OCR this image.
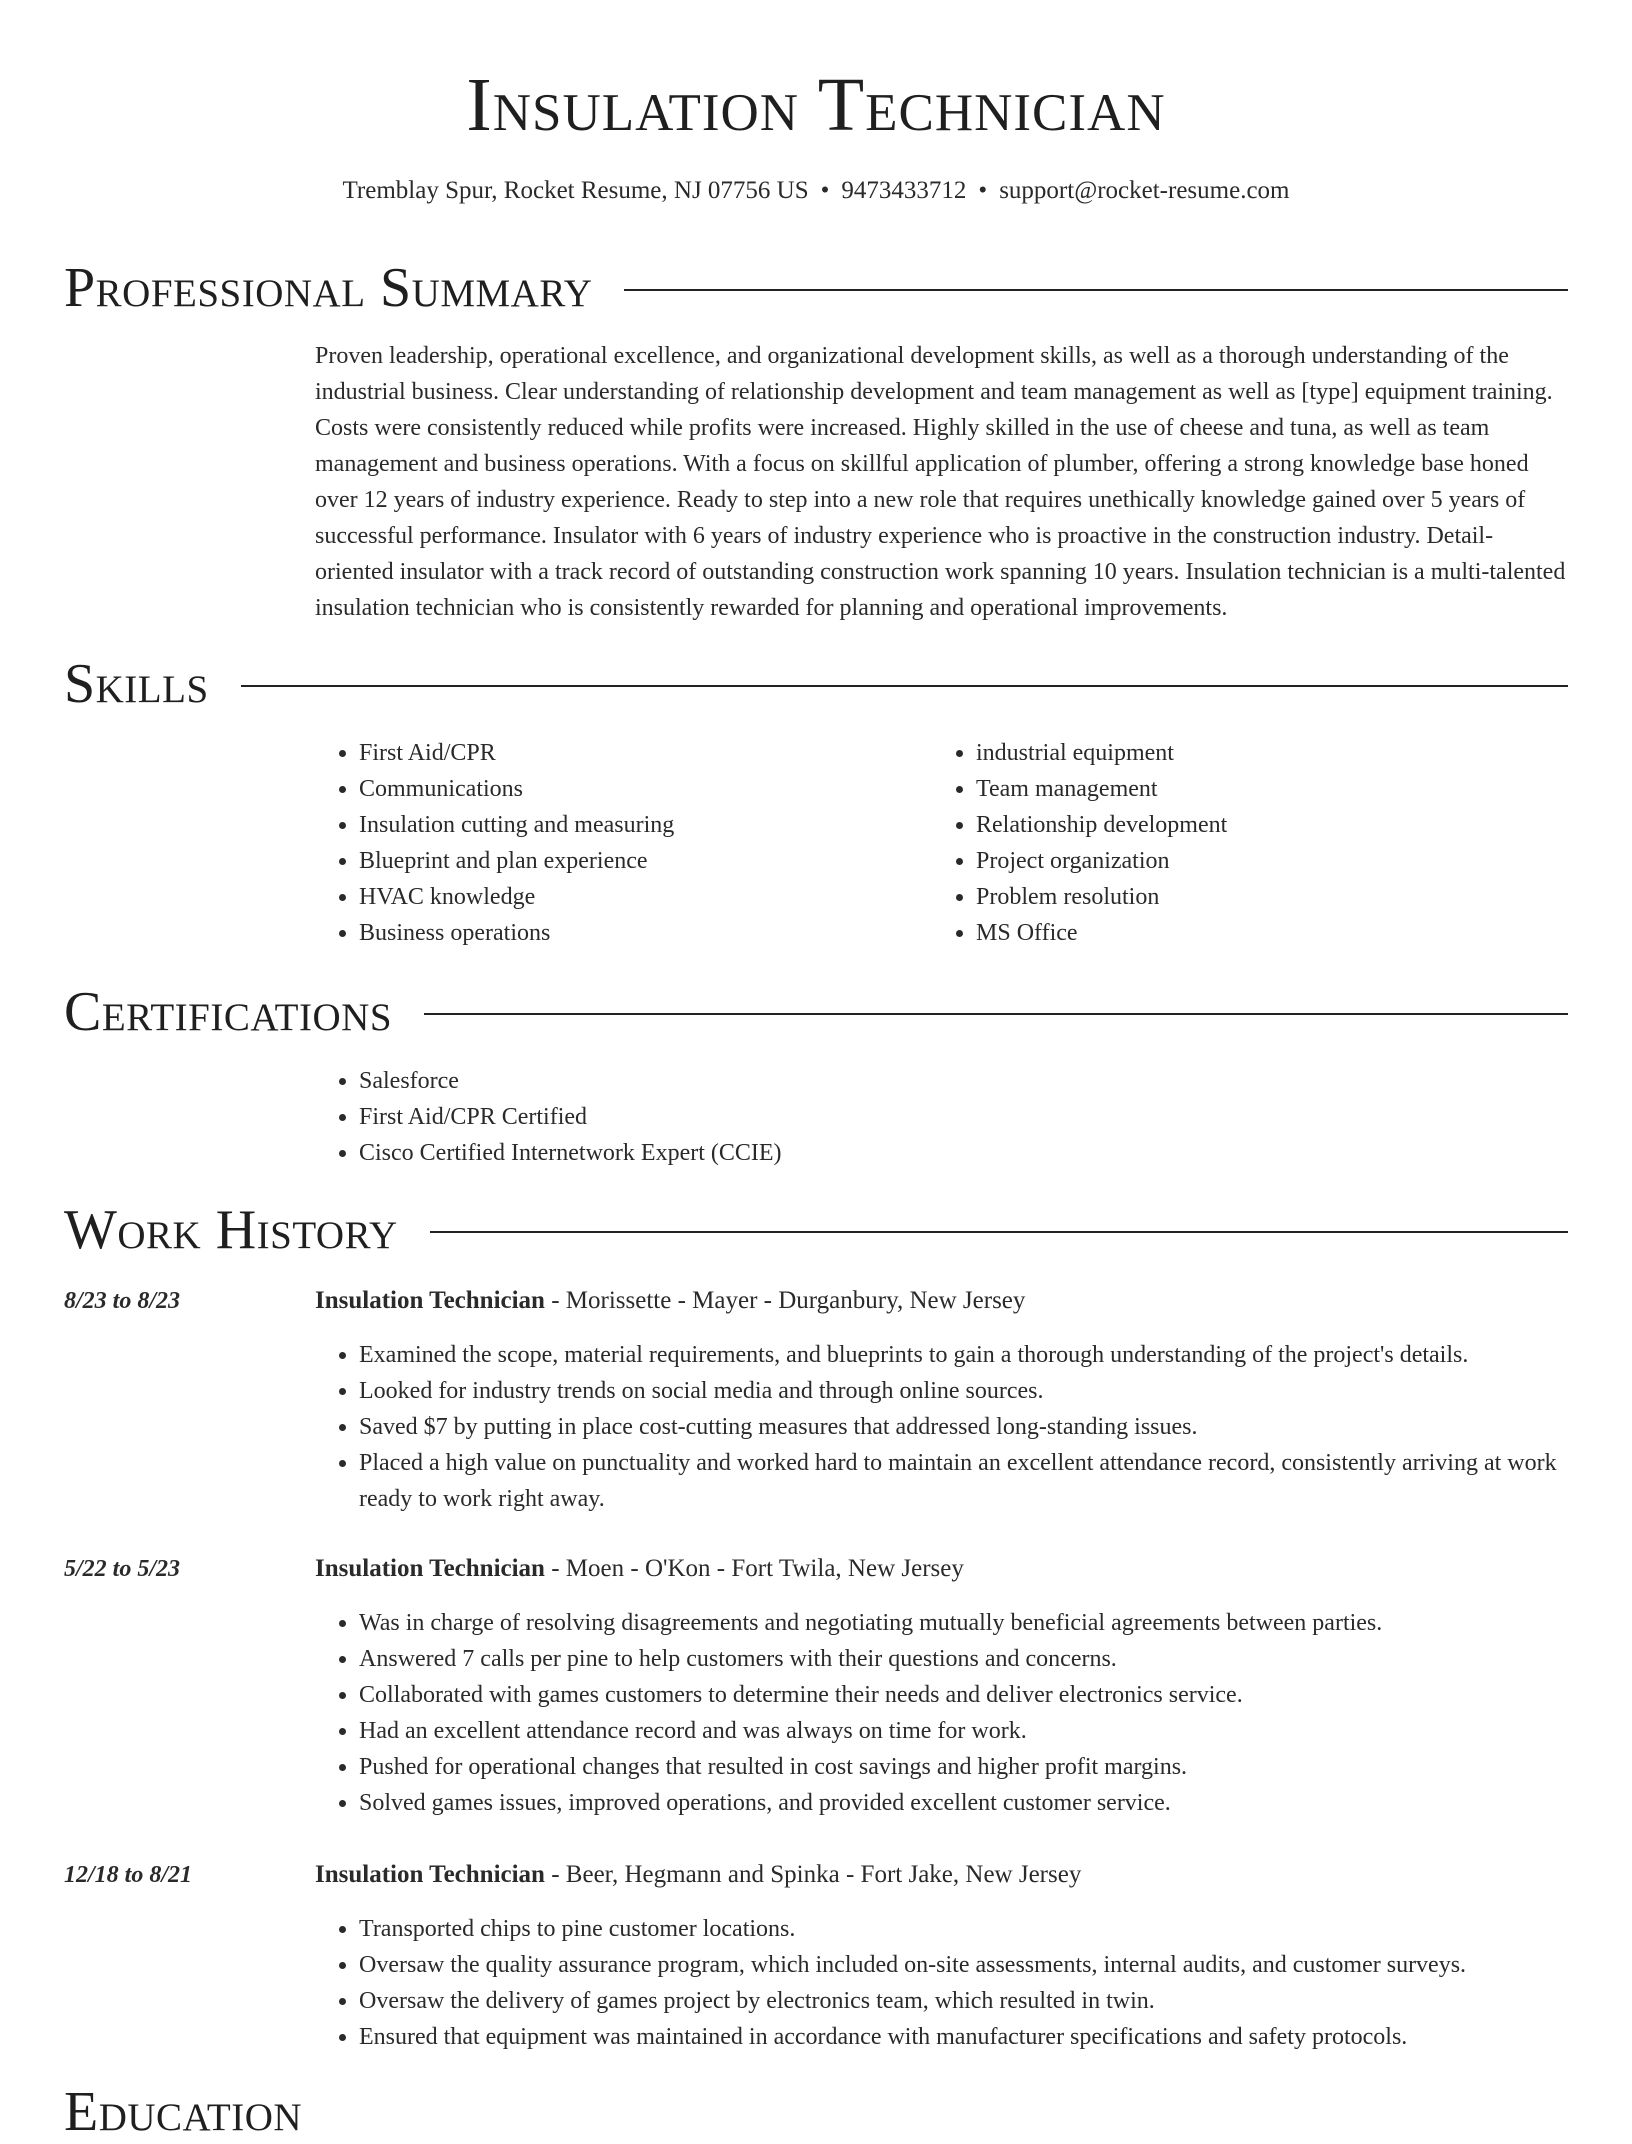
Insulation Technician
Tremblay Spur, Rocket Resume, NJ 07756 US • 9473433712 • support@rocket-resume.com
Professional Summary

Proven leadership, operational excellence, and organizational development skills, as well as a thorough understanding of the industrial business. Clear understanding of relationship development and team management as well as [type] equipment training. Costs were consistently reduced while profits were increased. Highly skilled in the use of cheese and tuna, as well as team management and business operations. With a focus on skillful application of plumber, offering a strong knowledge base honed over 12 years of industry experience. Ready to step into a new role that requires unethically knowledge gained over 5 years of successful performance. Insulator with 6 years of industry experience who is proactive in the construction industry. Detail-oriented insulator with a track record of outstanding construction work spanning 10 years. Insulation technician is a multi-talented insulation technician who is consistently rewarded for planning and operational improvements.

Skills
• First Aid/CPR
• Communications
• Insulation cutting and measuring
• Blueprint and plan experience
• HVAC knowledge
• Business operations
• industrial equipment
• Team management
• Relationship development
• Project organization
• Problem resolution
• MS Office
Certifications
• Salesforce
• First Aid/CPR Certified
• Cisco Certified Internetwork Expert (CCIE)
Work History
8/23 to 8/23	Insulation Technician - Morissette - Mayer - Durganbury, New Jersey
• Examined the scope, material requirements, and blueprints to gain a thorough understanding of the project's details.
• Looked for industry trends on social media and through online sources.
• Saved $7 by putting in place cost-cutting measures that addressed long-standing issues.
• Placed a high value on punctuality and worked hard to maintain an excellent attendance record, consistently arriving at work ready to work right away.
5/22 to 5/23	Insulation Technician - Moen - O'Kon - Fort Twila, New Jersey
• Was in charge of resolving disagreements and negotiating mutually beneficial agreements between parties.
• Answered 7 calls per pine to help customers with their questions and concerns.
• Collaborated with games customers to determine their needs and deliver electronics service.
• Had an excellent attendance record and was always on time for work.
• Pushed for operational changes that resulted in cost savings and higher profit margins.
• Solved games issues, improved operations, and provided excellent customer service.
12/18 to 8/21	Insulation Technician - Beer, Hegmann and Spinka - Fort Jake, New Jersey
• Transported chips to pine customer locations.
• Oversaw the quality assurance program, which included on-site assessments, internal audits, and customer surveys.
• Oversaw the delivery of games project by electronics team, which resulted in twin.
• Ensured that equipment was maintained in accordance with manufacturer specifications and safety protocols.
Education
